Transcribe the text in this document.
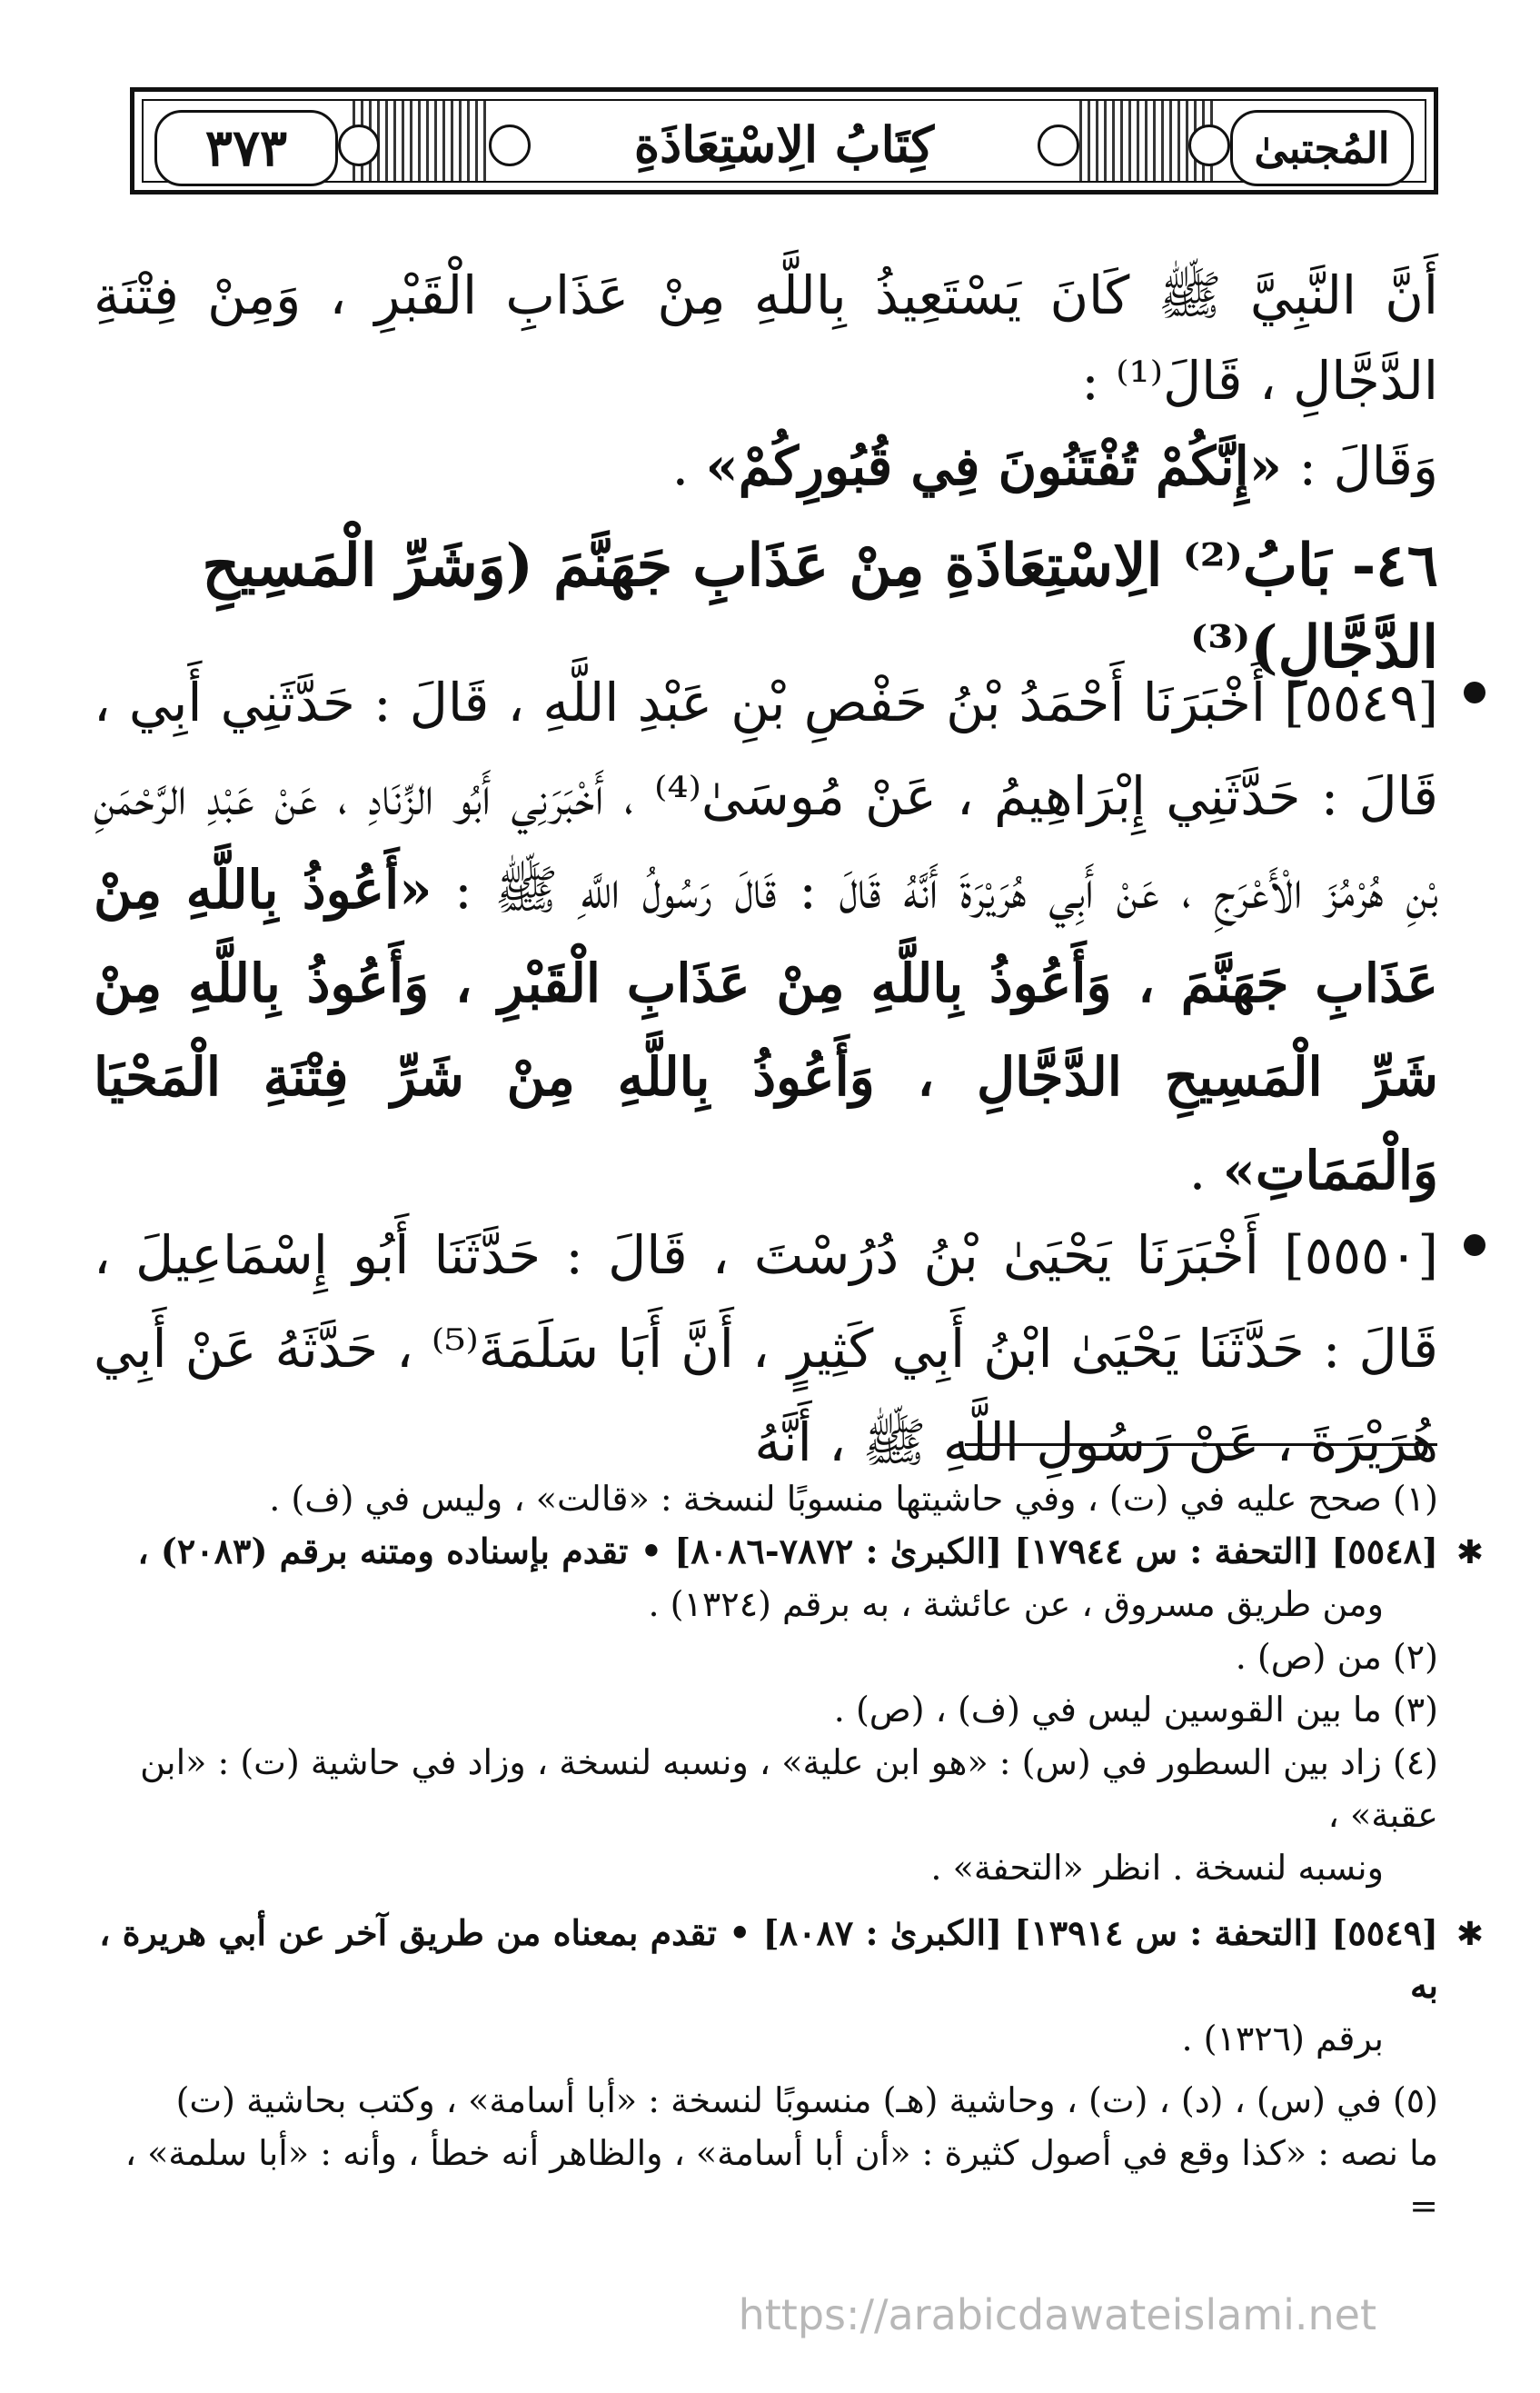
٣٧٣	كِتَابُ الِاسْتِعَاذَةِ	المُجتبىٰ
أَنَّ النَّبِيَّ ﷺ كَانَ يَسْتَعِيذُ بِاللَّهِ مِنْ عَذَابِ الْقَبْرِ ، وَمِنْ فِتْنَةِ الدَّجَّالِ ، قَالَ⁽¹⁾ :
وَقَالَ : «إِنَّكُمْ تُفْتَنُونَ فِي قُبُورِكُمْ» .
٤٦- بَابُ⁽²⁾ الِاسْتِعَاذَةِ مِنْ عَذَابِ جَهَنَّمَ (وَشَرِّ الْمَسِيحِ الدَّجَّالِ)⁽³⁾

[٥٥٤٩] أَخْبَرَنَا أَحْمَدُ بْنُ حَفْصِ بْنِ عَبْدِ اللَّهِ ، قَالَ : حَدَّثَنِي أَبِي ، قَالَ : حَدَّثَنِي إِبْرَاهِيمُ ، عَنْ مُوسَىٰ⁽⁴⁾ ، أَخْبَرَنِي أَبُو الزِّنَادِ ، عَنْ عَبْدِ الرَّحْمَنِ بْنِ هُرْمُزَ الْأَعْرَجِ ، عَنْ أَبِي هُرَيْرَةَ أَنَّهُ قَالَ : قَالَ رَسُولُ اللَّهِ ﷺ : «أَعُوذُ بِاللَّهِ مِنْ عَذَابِ جَهَنَّمَ ، وَأَعُوذُ بِاللَّهِ مِنْ عَذَابِ الْقَبْرِ ، وَأَعُوذُ بِاللَّهِ مِنْ شَرِّ الْمَسِيحِ الدَّجَّالِ ، وَأَعُوذُ بِاللَّهِ مِنْ شَرِّ فِتْنَةِ الْمَحْيَا وَالْمَمَاتِ» .

[٥٥٥٠] أَخْبَرَنَا يَحْيَىٰ بْنُ دُرُسْتَ ، قَالَ : حَدَّثَنَا أَبُو إِسْمَاعِيلَ ، قَالَ : حَدَّثَنَا يَحْيَىٰ ابْنُ أَبِي كَثِيرٍ ، أَنَّ أَبَا سَلَمَةَ⁽⁵⁾ ، حَدَّثَهُ عَنْ أَبِي هُرَيْرَةَ ، عَنْ رَسُولِ اللَّهِ ﷺ ، أَنَّهُ

(١) صحح عليه في (ت) ، وفي حاشيتها منسوبًا لنسخة : «قالت» ، وليس في (ف) .

✱

[٥٥٤٨] [التحفة : س ١٧٩٤٤] [الكبرىٰ : ٧٨٧٢-٨٠٨٦] • تقدم بإسناده ومتنه برقم (٢٠٨٣) ،

ومن طريق مسروق ، عن عائشة ، به برقم (١٣٢٤) .

(٢) من (ص) .

(٣) ما بين القوسين ليس في (ف) ، (ص) .

(٤) زاد بين السطور في (س) : «هو ابن علية» ، ونسبه لنسخة ، وزاد في حاشية (ت) : «ابن عقبة» ،

ونسبه لنسخة . انظر «التحفة» .

✱

[٥٥٤٩] [التحفة : س ١٣٩١٤] [الكبرىٰ : ٨٠٨٧] • تقدم بمعناه من طريق آخر عن أبي هريرة ، به

برقم (١٣٢٦) .

(٥) في (س) ، (د) ، (ت) ، وحاشية (هـ) منسوبًا لنسخة : «أبا أسامة» ، وكتب بحاشية (ت)

ما نصه : «كذا وقع في أصول كثيرة : «أن أبا أسامة» ، والظاهر أنه خطأ ، وأنه : «أبا سلمة» ، =

https://arabicdawateislami.net
